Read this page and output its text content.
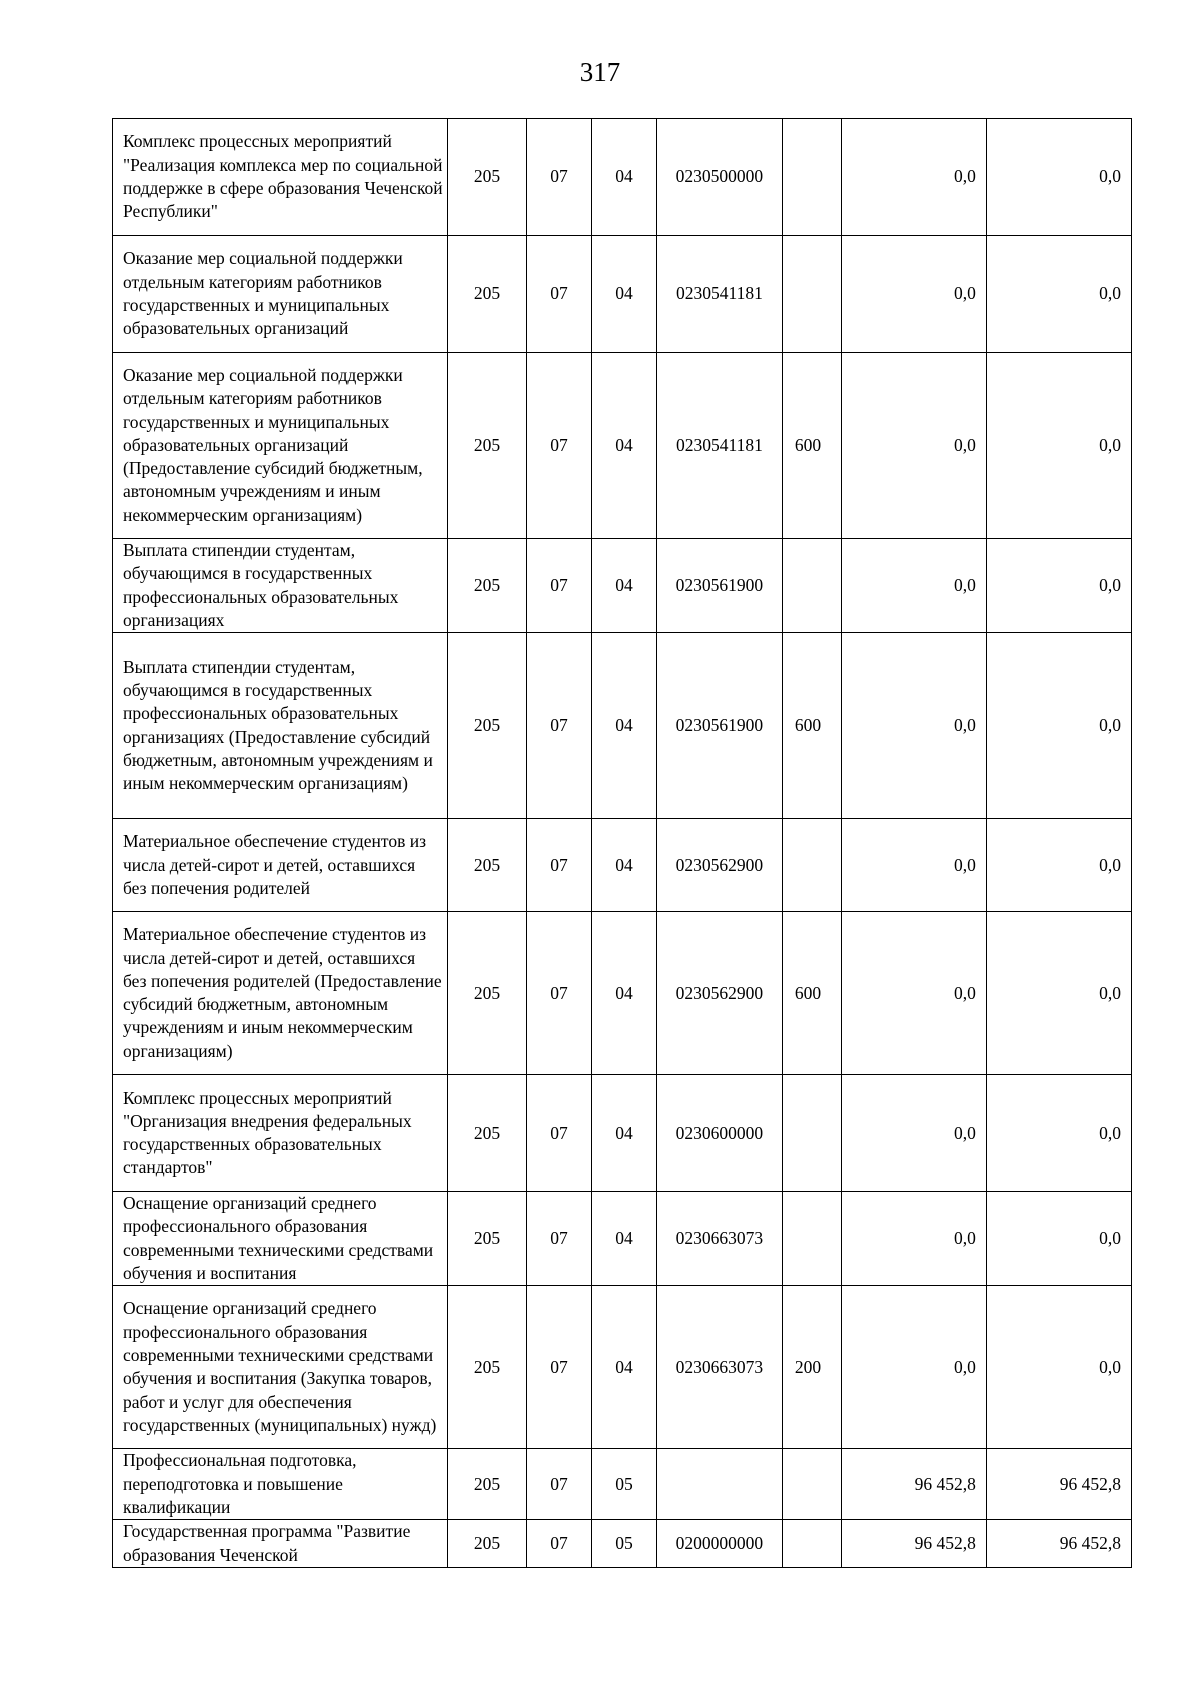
317
Комплекс процессных мероприятий "Реализация комплекса мер по социальной поддержке в сфере образования Чеченской Республики"	205	07	04	0230500000		0,0	0,0
Оказание мер социальной поддержки отдельным категориям работников государственных и муниципальных образовательных организаций	205	07	04	0230541181		0,0	0,0
Оказание мер социальной поддержки отдельным категориям работников государственных и муниципальных образовательных организаций (Предоставление субсидий бюджетным, автономным учреждениям и иным некоммерческим организациям)	205	07	04	0230541181	600	0,0	0,0
Выплата стипендии студентам, обучающимся в государственных профессиональных образовательных организациях	205	07	04	0230561900		0,0	0,0
Выплата стипендии студентам, обучающимся в государственных профессиональных образовательных организациях (Предоставление субсидий бюджетным, автономным учреждениям и иным некоммерческим организациям)	205	07	04	0230561900	600	0,0	0,0
Материальное обеспечение студентов из числа детей-сирот и детей, оставшихся без попечения родителей	205	07	04	0230562900		0,0	0,0
Материальное обеспечение студентов из числа детей-сирот и детей, оставшихся без попечения родителей (Предоставление субсидий бюджетным, автономным учреждениям и иным некоммерческим организациям)	205	07	04	0230562900	600	0,0	0,0
Комплекс процессных мероприятий "Организация внедрения федеральных государственных образовательных стандартов"	205	07	04	0230600000		0,0	0,0
Оснащение организаций среднего профессионального образования современными техническими средствами обучения и воспитания	205	07	04	0230663073		0,0	0,0
Оснащение организаций среднего профессионального образования современными техническими средствами обучения и воспитания (Закупка товаров, работ и услуг для обеспечения государственных (муниципальных) нужд)	205	07	04	0230663073	200	0,0	0,0
Профессиональная подготовка, переподготовка и повышение квалификации	205	07	05			96 452,8	96 452,8
Государственная программа "Развитие образования Чеченской	205	07	05	0200000000		96 452,8	96 452,8
